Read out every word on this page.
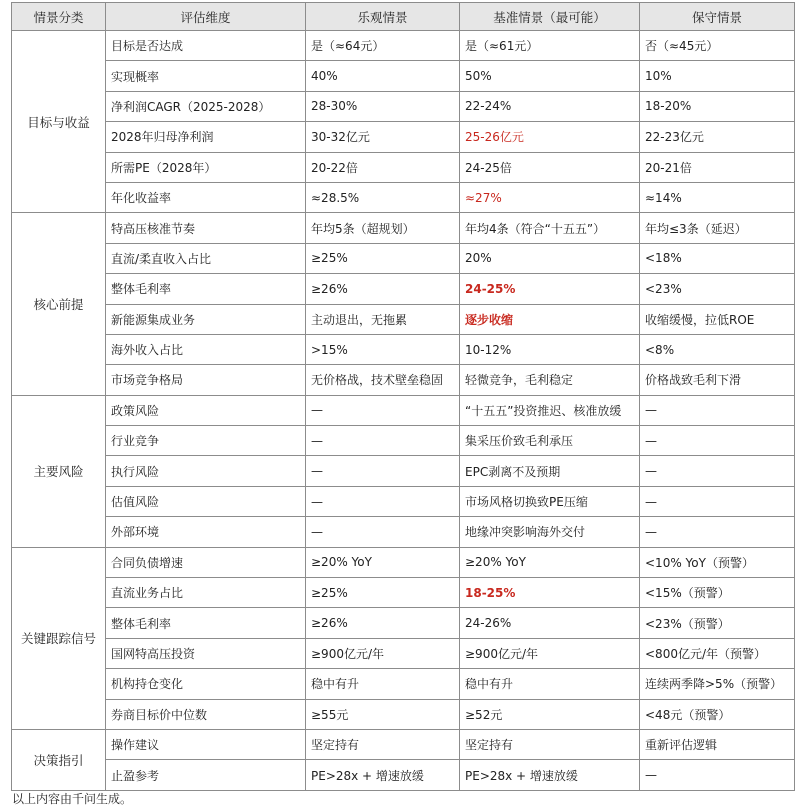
情景分类	评估维度	乐观情景	基准情景（最可能）	保守情景
目标与收益	目标是否达成	是（≈64元）	是（≈61元）	否（≈45元）
	实现概率	40%	50%	10%
	净利润CAGR（2025-2028）	28-30%	22-24%	18-20%
	2028年归母净利润	30-32亿元	25-26亿元	22-23亿元
	所需PE（2028年）	20-22倍	24-25倍	20-21倍
	年化收益率	≈28.5%	≈27%	≈14%
核心前提	特高压核准节奏	年均5条（超规划）	年均4条（符合“十五五”）	年均≤3条（延迟）
	直流/柔直收入占比	≥25%	20%	<18%
	整体毛利率	≥26%	24-25%	<23%
	新能源集成业务	主动退出，无拖累	逐步收缩	收缩缓慢，拉低ROE
	海外收入占比	>15%	10-12%	<8%
	市场竞争格局	无价格战，技术壁垒稳固	轻微竞争，毛利稳定	价格战致毛利下滑
主要风险	政策风险	—	“十五五”投资推迟、核准放缓	—
	行业竞争	—	集采压价致毛利承压	—
	执行风险	—	EPC剥离不及预期	—
	估值风险	—	市场风格切换致PE压缩	—
	外部环境	—	地缘冲突影响海外交付	—
关键跟踪信号	合同负债增速	≥20% YoY	≥20% YoY	<10% YoY（预警）
	直流业务占比	≥25%	18-25%	<15%（预警）
	整体毛利率	≥26%	24-26%	<23%（预警）
	国网特高压投资	≥900亿元/年	≥900亿元/年	<800亿元/年（预警）
	机构持仓变化	稳中有升	稳中有升	连续两季降>5%（预警）
	券商目标价中位数	≥55元	≥52元	<48元（预警）
决策指引	操作建议	坚定持有	坚定持有	重新评估逻辑
	止盈参考	PE>28x + 增速放缓	PE>28x + 增速放缓	—
以上内容由千问生成。
